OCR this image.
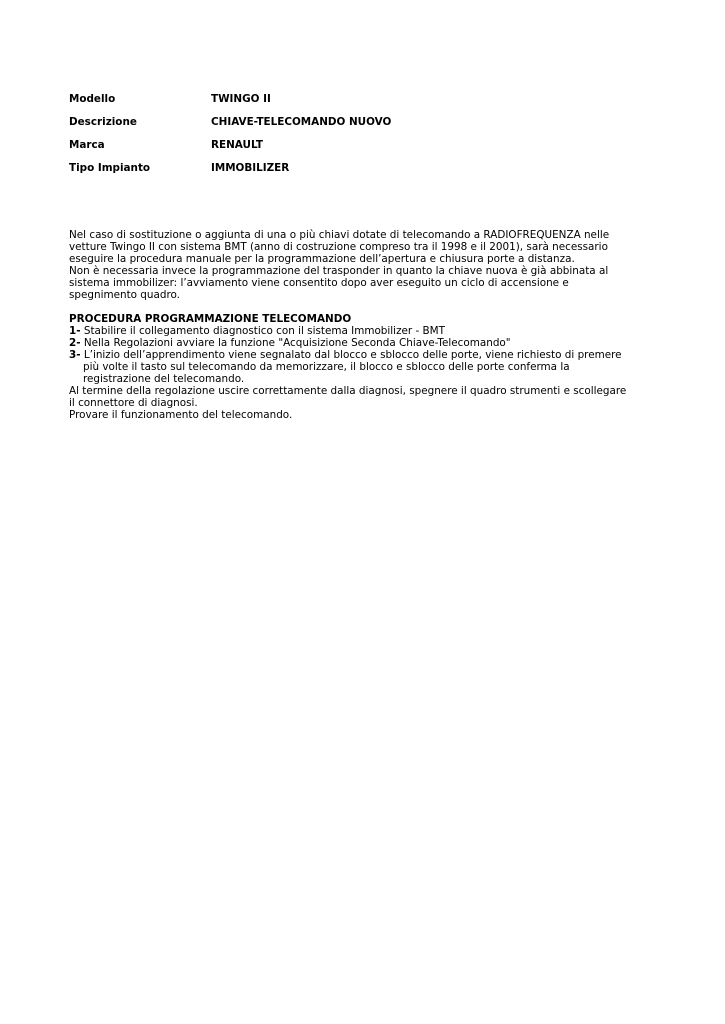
Modello	TWINGO II
Descrizione	CHIAVE-TELECOMANDO NUOVO
Marca	RENAULT
Tipo Impianto	IMMOBILIZER

Nel caso di sostituzione o aggiunta di una o più chiavi dotate di telecomando a RADIOFREQUENZA nelle vetture Twingo II con sistema BMT (anno di costruzione compreso tra il 1998 e il 2001), sarà necessario eseguire la procedura manuale per la programmazione dell’apertura e chiusura porte a distanza.

Non è necessaria invece la programmazione del trasponder in quanto la chiave nuova è già abbinata al sistema immobilizer: l’avviamento viene consentito dopo aver eseguito un ciclo di accensione e spegnimento quadro.

PROCEDURA PROGRAMMAZIONE TELECOMANDO

1- Stabilire il collegamento diagnostico con il sistema Immobilizer - BMT

2- Nella Regolazioni avviare la funzione "Acquisizione Seconda Chiave-Telecomando"

3- L’inizio dell’apprendimento viene segnalato dal blocco e sblocco delle porte, viene richiesto di premere più volte il tasto sul telecomando da memorizzare, il blocco e sblocco delle porte conferma la registrazione del telecomando.

Al termine della regolazione uscire correttamente dalla diagnosi, spegnere il quadro strumenti e scollegare il connettore di diagnosi.

Provare il funzionamento del telecomando.
